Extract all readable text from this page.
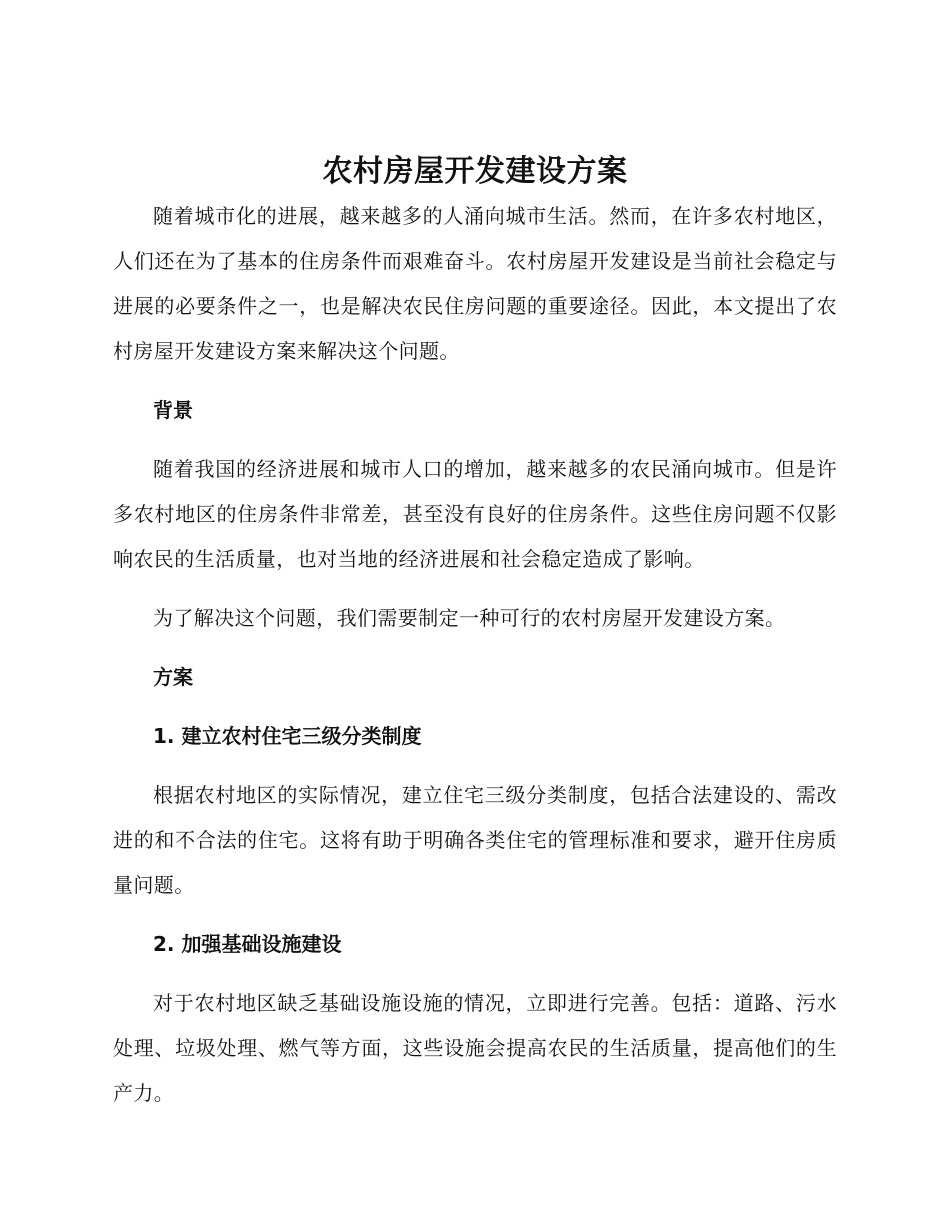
农村房屋开发建设方案

随着城市化的进展，越来越多的人涌向城市生活。然而，在许多农村地区，人们还在为了基本的住房条件而艰难奋斗。农村房屋开发建设是当前社会稳定与进展的必要条件之一，也是解决农民住房问题的重要途径。因此，本文提出了农村房屋开发建设方案来解决这个问题。

背景

随着我国的经济进展和城市人口的增加，越来越多的农民涌向城市。但是许多农村地区的住房条件非常差，甚至没有良好的住房条件。这些住房问题不仅影响农民的生活质量，也对当地的经济进展和社会稳定造成了影响。

为了解决这个问题，我们需要制定一种可行的农村房屋开发建设方案。

方案
1. 建立农村住宅三级分类制度

根据农村地区的实际情况，建立住宅三级分类制度，包括合法建设的、需改进的和不合法的住宅。这将有助于明确各类住宅的管理标准和要求，避开住房质量问题。

2. 加强基础设施建设

对于农村地区缺乏基础设施设施的情况，立即进行完善。包括：道路、污水处理、垃圾处理、燃气等方面，这些设施会提高农民的生活质量，提高他们的生产力。
